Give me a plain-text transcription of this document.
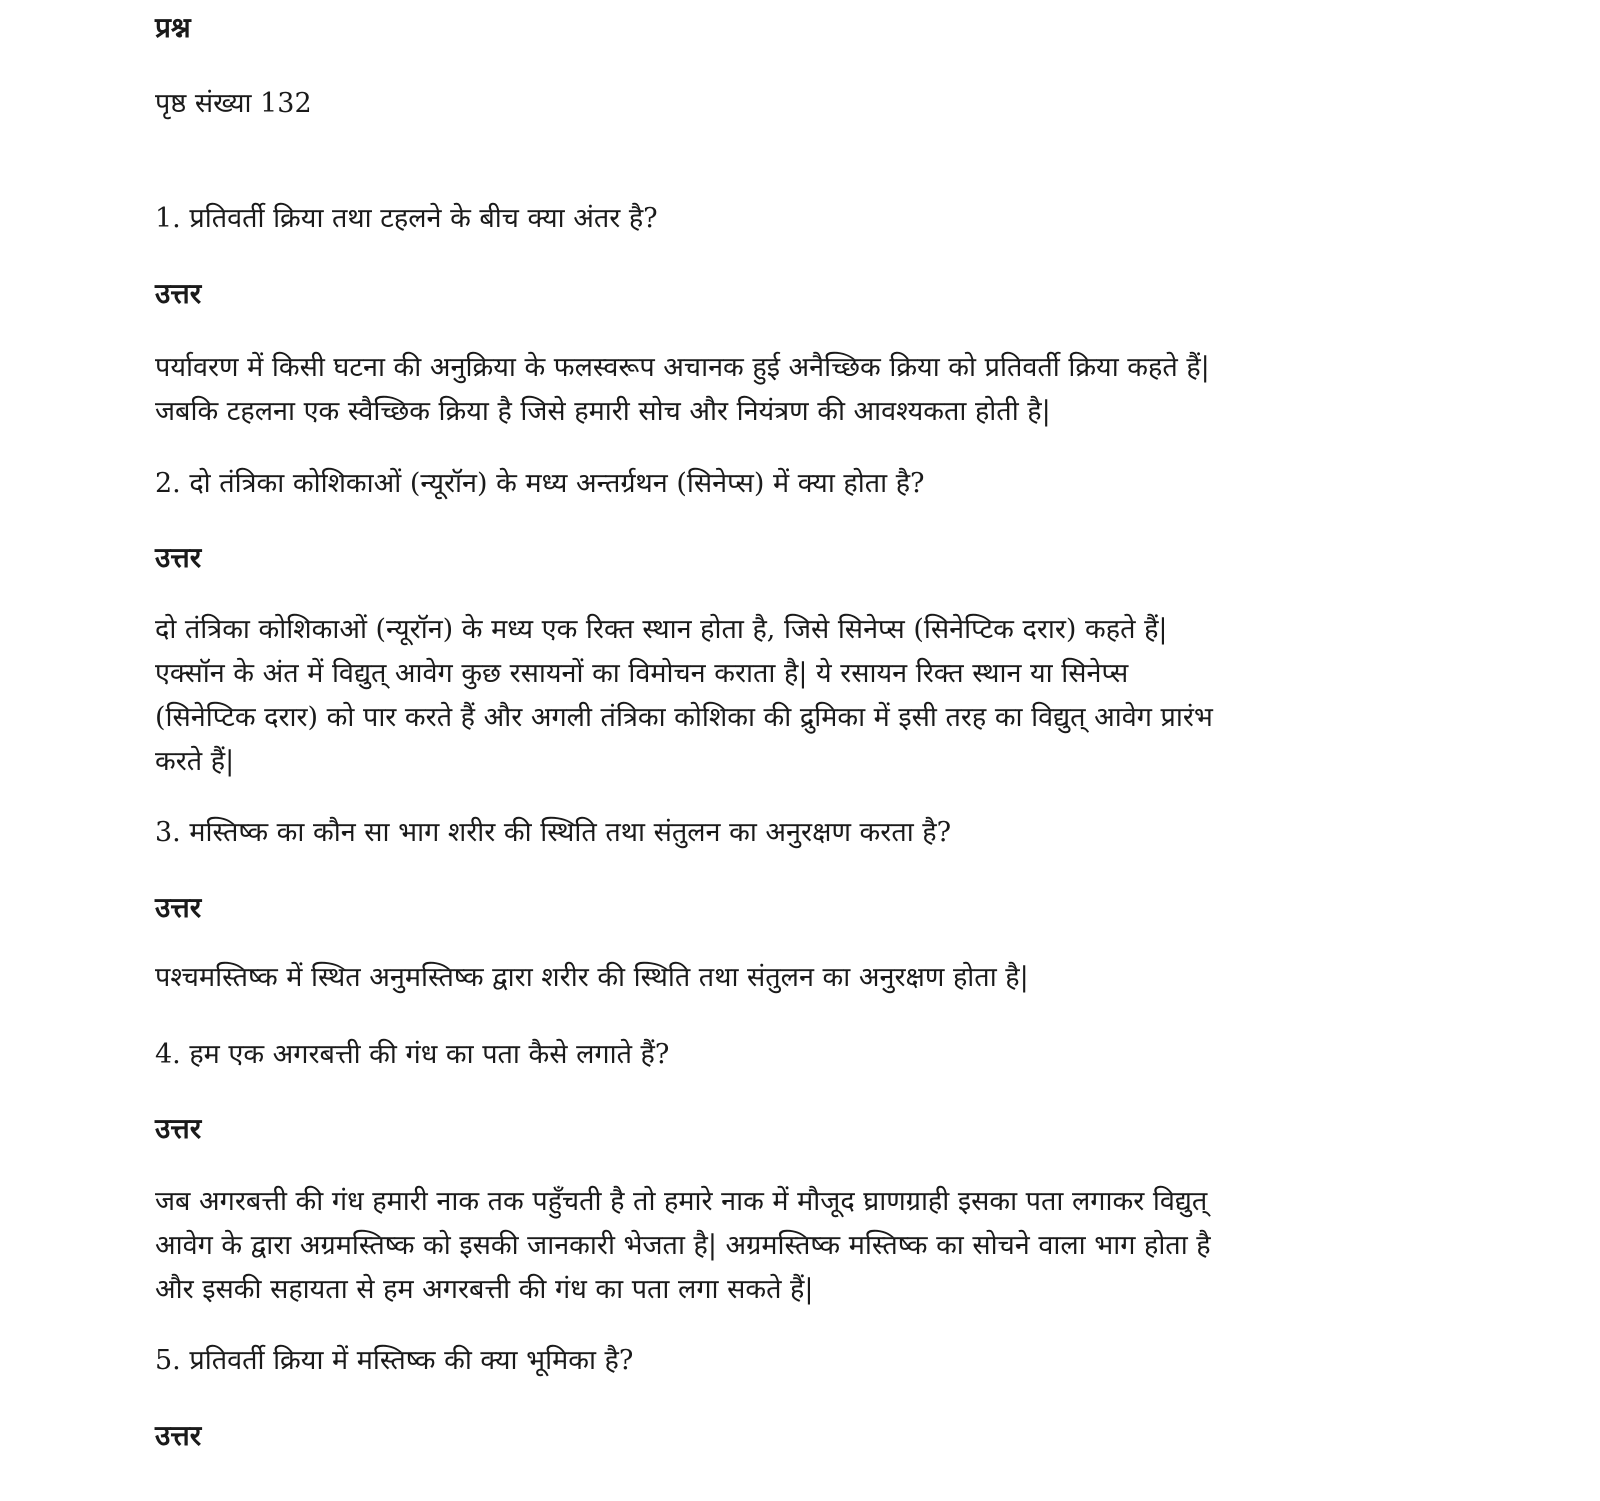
प्रश्न

पृष्ठ संख्या 132

1. प्रतिवर्ती क्रिया तथा टहलने के बीच क्या अंतर है?

उत्तर
पर्यावरण में किसी घटना की अनुक्रिया के फलस्वरूप अचानक हुई अनैच्छिक क्रिया को प्रतिवर्ती क्रिया कहते हैं|
जबकि टहलना एक स्वैच्छिक क्रिया है जिसे हमारी सोच और नियंत्रण की आवश्यकता होती है|

2. दो तंत्रिका कोशिकाओं (न्यूरॉन) के मध्य अन्तर्ग्रथन (सिनेप्स) में क्या होता है?

उत्तर
दो तंत्रिका कोशिकाओं (न्यूरॉन) के मध्य एक रिक्त स्थान होता है, जिसे सिनेप्स (सिनेप्टिक दरार) कहते हैं|
एक्सॉन के अंत में विद्युत् आवेग कुछ रसायनों का विमोचन कराता है| ये रसायन रिक्त स्थान या सिनेप्स
(सिनेप्टिक दरार) को पार करते हैं और अगली तंत्रिका कोशिका की द्रुमिका में इसी तरह का विद्युत् आवेग प्रारंभ
करते हैं|

3. मस्तिष्क का कौन सा भाग शरीर की स्थिति तथा संतुलन का अनुरक्षण करता है?

उत्तर
पश्चमस्तिष्क में स्थित अनुमस्तिष्क द्वारा शरीर की स्थिति तथा संतुलन का अनुरक्षण होता है|

4. हम एक अगरबत्ती की गंध का पता कैसे लगाते हैं?

उत्तर
जब अगरबत्ती की गंध हमारी नाक तक पहुँचती है तो हमारे नाक में मौजूद घ्राणग्राही इसका पता लगाकर विद्युत्
आवेग के द्वारा अग्रमस्तिष्क को इसकी जानकारी भेजता है| अग्रमस्तिष्क मस्तिष्क का सोचने वाला भाग होता है
और इसकी सहायता से हम अगरबत्ती की गंध का पता लगा सकते हैं|

5. प्रतिवर्ती क्रिया में मस्तिष्क की क्या भूमिका है?

उत्तर
